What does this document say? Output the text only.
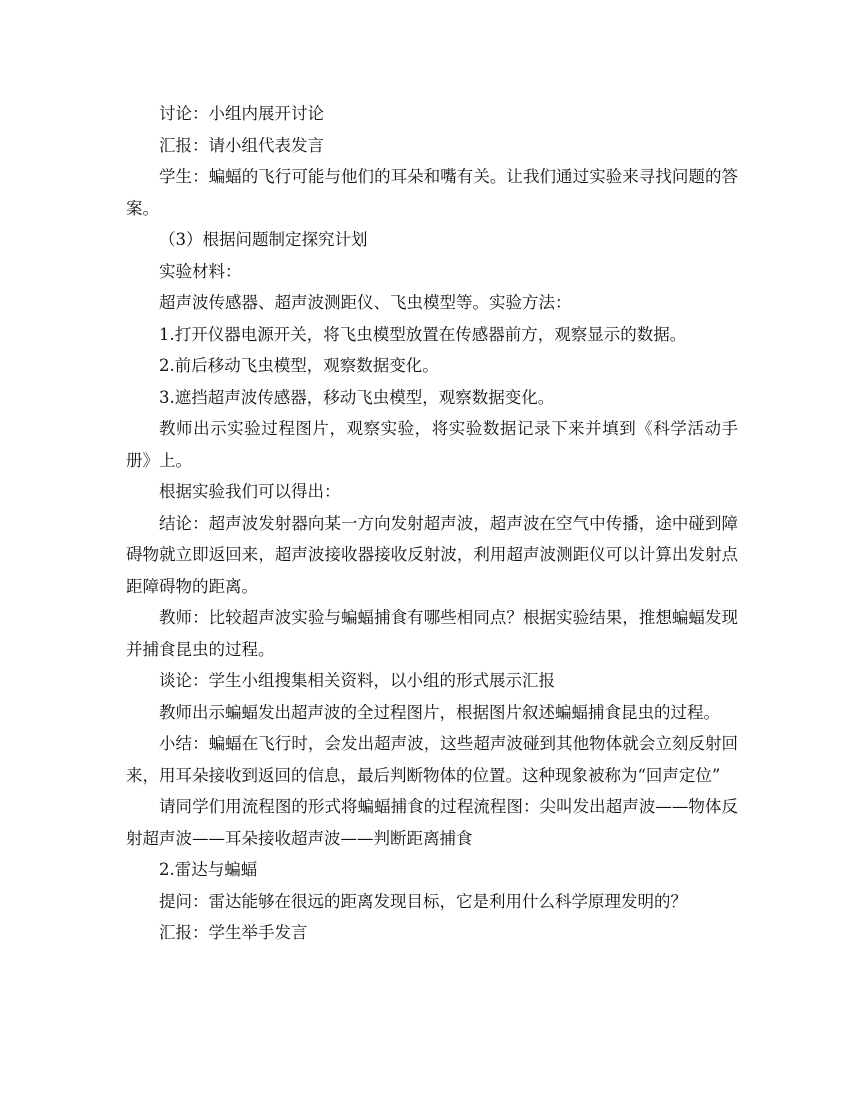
讨论：小组内展开讨论

汇报：请小组代表发言

学生：蝙蝠的飞行可能与他们的耳朵和嘴有关。让我们通过实验来寻找问题的答案。

（3）根据问题制定探究计划

实验材料：

超声波传感器、超声波测距仪、飞虫模型等。实验方法：

1.打开仪器电源开关，将飞虫模型放置在传感器前方，观察显示的数据。

2.前后移动飞虫模型，观察数据变化。

3.遮挡超声波传感器，移动飞虫模型，观察数据变化。

教师出示实验过程图片，观察实验，将实验数据记录下来并填到《科学活动手册》上。

根据实验我们可以得出：

结论：超声波发射器向某一方向发射超声波，超声波在空气中传播，途中碰到障碍物就立即返回来，超声波接收器接收反射波，利用超声波测距仪可以计算出发射点距障碍物的距离。

教师：比较超声波实验与蝙蝠捕食有哪些相同点？根据实验结果，推想蝙蝠发现并捕食昆虫的过程。

谈论：学生小组搜集相关资料，以小组的形式展示汇报

教师出示蝙蝠发出超声波的全过程图片，根据图片叙述蝙蝠捕食昆虫的过程。

小结：蝙蝠在飞行时，会发出超声波，这些超声波碰到其他物体就会立刻反射回来，用耳朵接收到返回的信息，最后判断物体的位置。这种现象被称为“回声定位”

请同学们用流程图的形式将蝙蝠捕食的过程流程图：尖叫发出超声波——物体反射超声波——耳朵接收超声波——判断距离捕食

2.雷达与蝙蝠

提问：雷达能够在很远的距离发现目标，它是利用什么科学原理发明的？

汇报：学生举手发言
